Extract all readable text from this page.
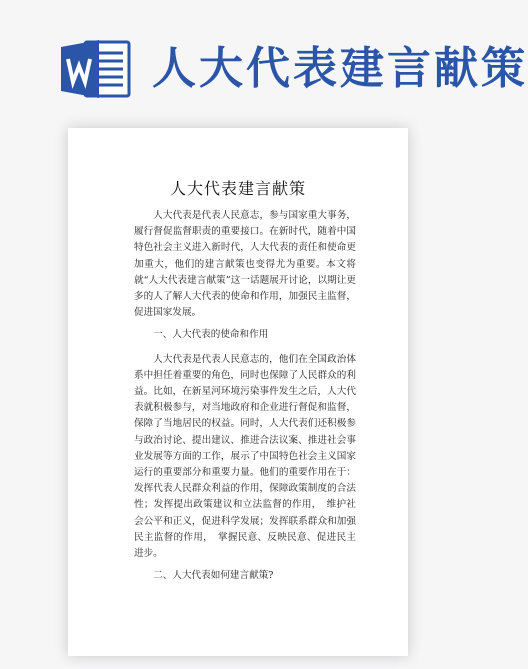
人大代表建言献策
人大代表建言献策

人大代表是代表人民意志，参与国家重大事务，履行督促监督职责的重要接口。在新时代，随着中国特色社会主义进入新时代，人大代表的责任和使命更加重大，他们的建言献策也变得尤为重要。本文将就“人大代表建言献策”这一话题展开讨论，以期让更多的人了解人大代表的使命和作用，加强民主监督，促进国家发展。

一、人大代表的使命和作用

人大代表是代表人民意志的，他们在全国政治体系中担任着重要的角色，同时也保障了人民群众的利益。比如，在新星河环境污染事件发生之后，人大代表就积极参与，对当地政府和企业进行督促和监督，保障了当地居民的权益。同时，人大代表们还积极参与政治讨论、提出建议、推进合法议案、推进社会事业发展等方面的工作，展示了中国特色社会主义国家运行的重要部分和重要力量。他们的重要作用在于：发挥代表人民群众利益的作用，保障政策制度的合法性；发挥提出政策建议和立法监督的作用，　维护社会公平和正义，促进科学发展；发挥联系群众和加强民主监督的作用，　掌握民意、反映民意、促进民主进步。

二、人大代表如何建言献策?
